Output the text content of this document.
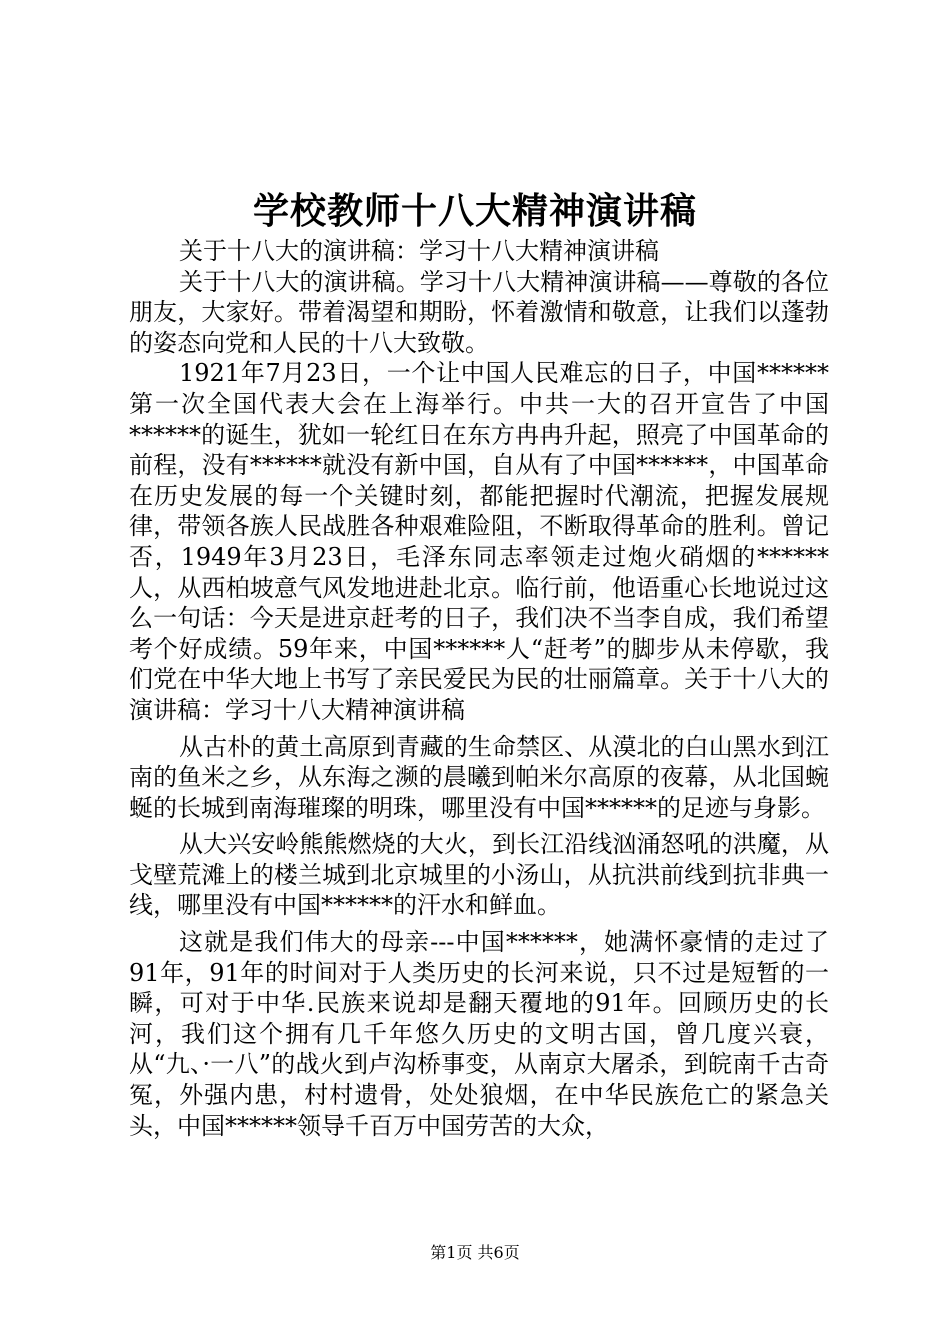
学校教师十八大精神演讲稿

关于十八大的演讲稿：学习十八大精神演讲稿

关于十八大的演讲稿。学习十八大精神演讲稿——尊敬的各位朋友，大家好。带着渴望和期盼，怀着激情和敬意，让我们以蓬勃的姿态向党和人民的十八大致敬。

1921年7月23日，一个让中国人民难忘的日子，中国******第一次全国代表大会在上海举行。中共一大的召开宣告了中国******的诞生，犹如一轮红日在东方冉冉升起，照亮了中国革命的前程，没有******就没有新中国，自从有了中国******，中国革命在历史发展的每一个关键时刻，都能把握时代潮流，把握发展规律，带领各族人民战胜各种艰难险阻，不断取得革命的胜利。曾记否，1949年3月23日，毛泽东同志率领走过炮火硝烟的******人，从西柏坡意气风发地进赴北京。临行前，他语重心长地说过这么一句话：今天是进京赶考的日子，我们决不当李自成，我们希望考个好成绩。59年来，中国******人“赶考”的脚步从未停歇，我们党在中华大地上书写了亲民爱民为民的壮丽篇章。关于十八大的演讲稿：学习十八大精神演讲稿

从古朴的黄土高原到青藏的生命禁区、从漠北的白山黑水到江南的鱼米之乡，从东海之濒的晨曦到帕米尔高原的夜幕，从北国蜿蜒的长城到南海璀璨的明珠，哪里没有中国******的足迹与身影。

从大兴安岭熊熊燃烧的大火，到长江沿线汹涌怒吼的洪魔，从戈壁荒滩上的楼兰城到北京城里的小汤山，从抗洪前线到抗非典一线，哪里没有中国******的汗水和鲜血。

这就是我们伟大的母亲---中国******，她满怀豪情的走过了91年，91年的时间对于人类历史的长河来说，只不过是短暂的一瞬，可对于中华.民族来说却是翻天覆地的91年。回顾历史的长河，我们这个拥有几千年悠久历史的文明古国，曾几度兴衰，从“九、·一八”的战火到卢沟桥事变，从南京大屠杀，到皖南千古奇冤，外强内患，村村遗骨，处处狼烟，在中华民族危亡的紧急关头，中国******领导千百万中国劳苦的大众，

第1页 共6页
